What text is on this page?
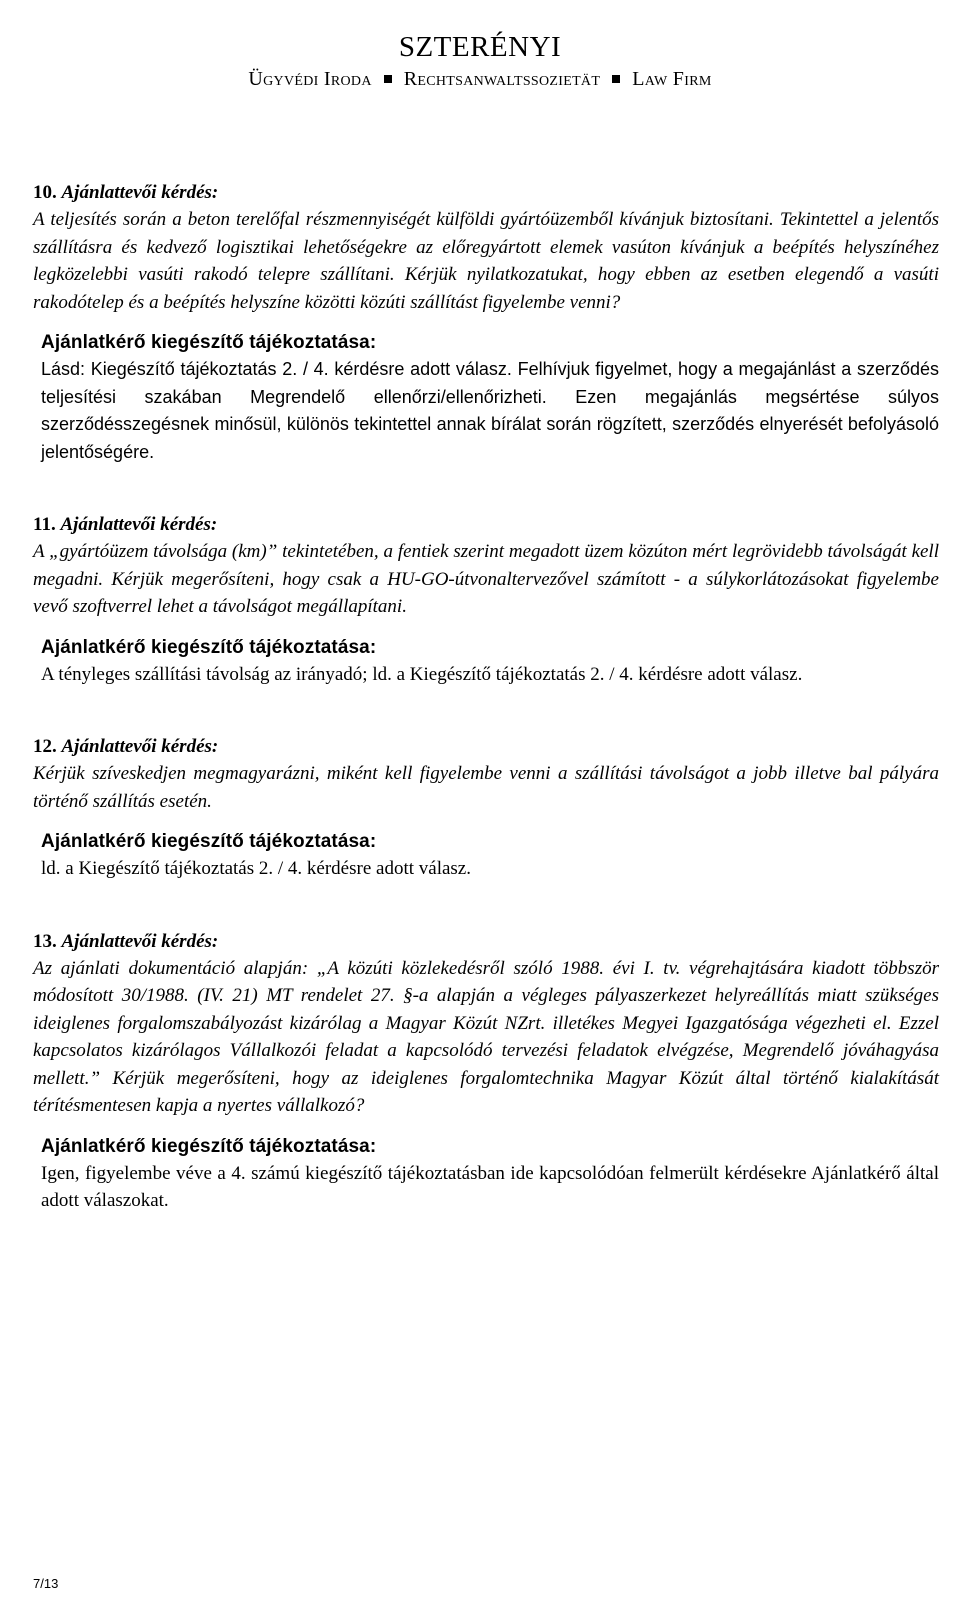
SZTERÉNYI
Ügyvédi Iroda Rechtsanwaltssozietät Law Firm
10. Ajánlattevői kérdés:

A teljesítés során a beton terelőfal részmennyiségét külföldi gyártóüzemből kívánjuk biztosítani. Tekintettel a jelentős szállításra és kedvező logisztikai lehetőségekre az előregyártott elemek vasúton kívánjuk a beépítés helyszínéhez legközelebbi vasúti rakodó telepre szállítani. Kérjük nyilatkozatukat, hogy ebben az esetben elegendő a vasúti rakodótelep és a beépítés helyszíne közötti közúti szállítást figyelembe venni?

Ajánlatkérő kiegészítő tájékoztatása:

Lásd: Kiegészítő tájékoztatás 2. / 4. kérdésre adott válasz. Felhívjuk figyelmet, hogy a megajánlást a szerződés teljesítési szakában Megrendelő ellenőrzi/ellenőrizheti. Ezen megajánlás megsértése súlyos szerződésszegésnek minősül, különös tekintettel annak bírálat során rögzített, szerződés elnyerését befolyásoló jelentőségére.

11. Ajánlattevői kérdés:

A „gyártóüzem távolsága (km)” tekintetében, a fentiek szerint megadott üzem közúton mért legrövidebb távolságát kell megadni. Kérjük megerősíteni, hogy csak a HU-GO-útvonaltervezővel számított - a súlykorlátozásokat figyelembe vevő szoftverrel lehet a távolságot megállapítani.

Ajánlatkérő kiegészítő tájékoztatása:

A tényleges szállítási távolság az irányadó; ld. a Kiegészítő tájékoztatás 2. / 4. kérdésre adott válasz.

12. Ajánlattevői kérdés:

Kérjük szíveskedjen megmagyarázni, miként kell figyelembe venni a szállítási távolságot a jobb illetve bal pályára történő szállítás esetén.

Ajánlatkérő kiegészítő tájékoztatása:

ld. a Kiegészítő tájékoztatás 2. / 4. kérdésre adott válasz.

13. Ajánlattevői kérdés:

Az ajánlati dokumentáció alapján: „A közúti közlekedésről szóló 1988. évi I. tv. végrehajtására kiadott többször módosított 30/1988. (IV. 21) MT rendelet 27. §-a alapján a végleges pályaszerkezet helyreállítás miatt szükséges ideiglenes forgalomszabályozást kizárólag a Magyar Közút NZrt. illetékes Megyei Igazgatósága végezheti el. Ezzel kapcsolatos kizárólagos Vállalkozói feladat a kapcsolódó tervezési feladatok elvégzése, Megrendelő jóváhagyása mellett.” Kérjük megerősíteni, hogy az ideiglenes forgalomtechnika Magyar Közút által történő kialakítását térítésmentesen kapja a nyertes vállalkozó?

Ajánlatkérő kiegészítő tájékoztatása:

Igen, figyelembe véve a 4. számú kiegészítő tájékoztatásban ide kapcsolódóan felmerült kérdésekre Ajánlatkérő által adott válaszokat.

7/13
